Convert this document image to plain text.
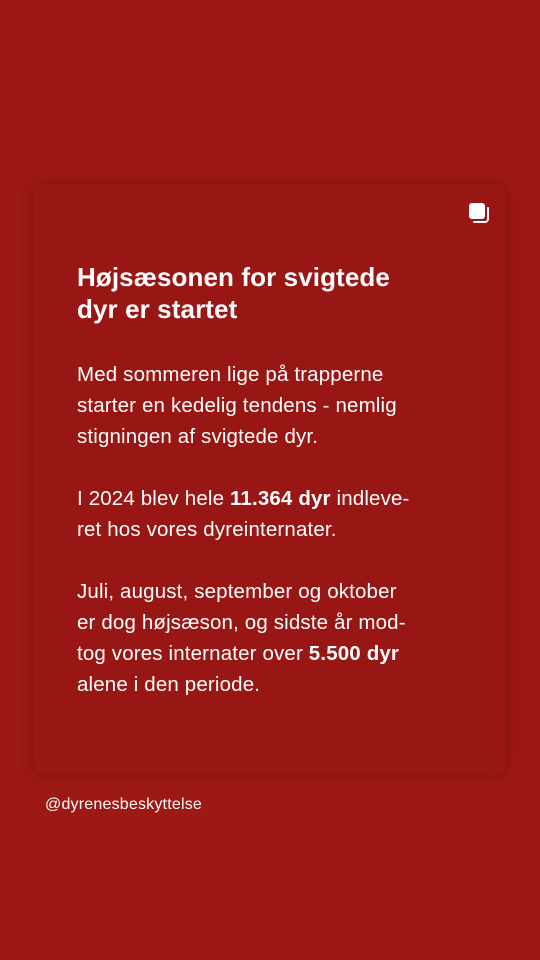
Højsæsonen for svigtede
dyr er startet

Med sommeren lige på trapperne
starter en kedelig tendens - nemlig
stigningen af svigtede dyr.

I 2024 blev hele 11.364 dyr indleve-
ret hos vores dyreinternater.

Juli, august, september og oktober
er dog højsæson, og sidste år mod-
tog vores internater over 5.500 dyr
alene i den periode.

@dyrenesbeskyttelse
